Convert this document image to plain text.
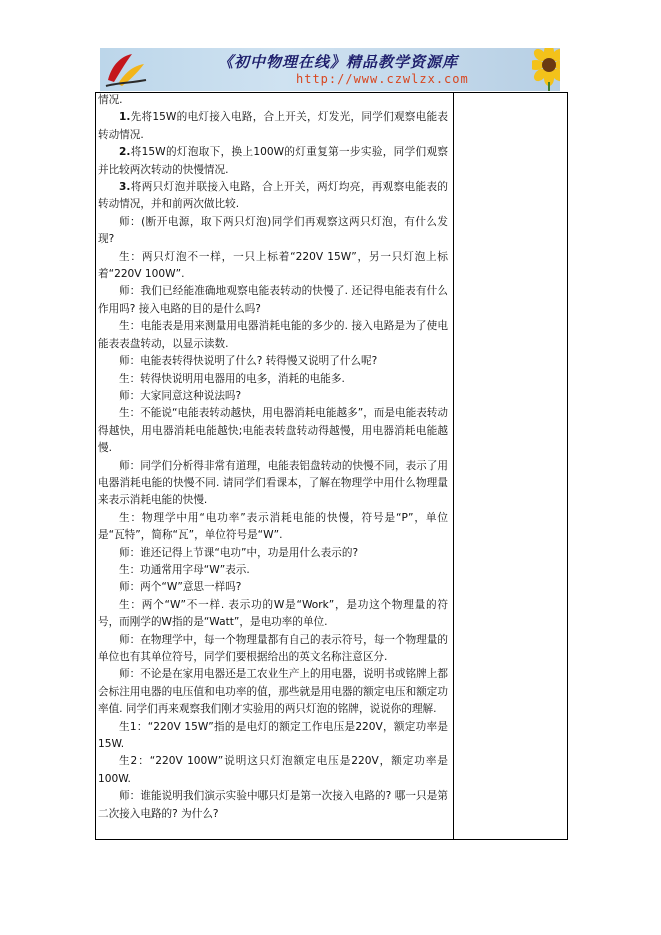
《初中物理在线》精品教学资源库
http://www.czwlzx.com

情况.

1.先将15W的电灯接入电路，合上开关，灯发光，同学们观察电能表转动情况.

2.将15W的灯泡取下，换上100W的灯重复第一步实验，同学们观察并比较两次转动的快慢情况.

3.将两只灯泡并联接入电路，合上开关，两灯均亮，再观察电能表的转动情况，并和前两次做比较.

师：(断开电源，取下两只灯泡)同学们再观察这两只灯泡，有什么发现?

生：两只灯泡不一样，一只上标着“220V 15W”，另一只灯泡上标着“220V 100W”.

师：我们已经能准确地观察电能表转动的快慢了. 还记得电能表有什么作用吗? 接入电路的目的是什么吗?

生：电能表是用来测量用电器消耗电能的多少的. 接入电路是为了使电能表表盘转动，以显示读数.

师：电能表转得快说明了什么? 转得慢又说明了什么呢?

生：转得快说明用电器用的电多，消耗的电能多.

师：大家同意这种说法吗?

生：不能说“电能表转动越快，用电器消耗电能越多”，而是电能表转动得越快，用电器消耗电能越快;电能表转盘转动得越慢，用电器消耗电能越慢.

师：同学们分析得非常有道理，电能表铝盘转动的快慢不同，表示了用电器消耗电能的快慢不同. 请同学们看课本，了解在物理学中用什么物理量来表示消耗电能的快慢.

生：物理学中用“电功率”表示消耗电能的快慢，符号是“P”，单位是“瓦特”，简称“瓦”，单位符号是“W”.

师：谁还记得上节课“电功”中，功是用什么表示的?

生：功通常用字母“W”表示.

师：两个“W”意思一样吗?

生：两个“W”不一样. 表示功的W是“Work”，是功这个物理量的符号，而刚学的W指的是“Watt”，是电功率的单位.

师：在物理学中，每一个物理量都有自己的表示符号，每一个物理量的单位也有其单位符号，同学们要根据给出的英文名称注意区分.

师：不论是在家用电器还是工农业生产上的用电器，说明书或铭牌上都会标注用电器的电压值和电功率的值，那些就是用电器的额定电压和额定功率值. 同学们再来观察我们刚才实验用的两只灯泡的铭牌，说说你的理解.

生1：“220V 15W”指的是电灯的额定工作电压是220V，额定功率是15W.

生2：“220V 100W”说明这只灯泡额定电压是220V，额定功率是100W.

师：谁能说明我们演示实验中哪只灯是第一次接入电路的? 哪一只是第二次接入电路的? 为什么?
